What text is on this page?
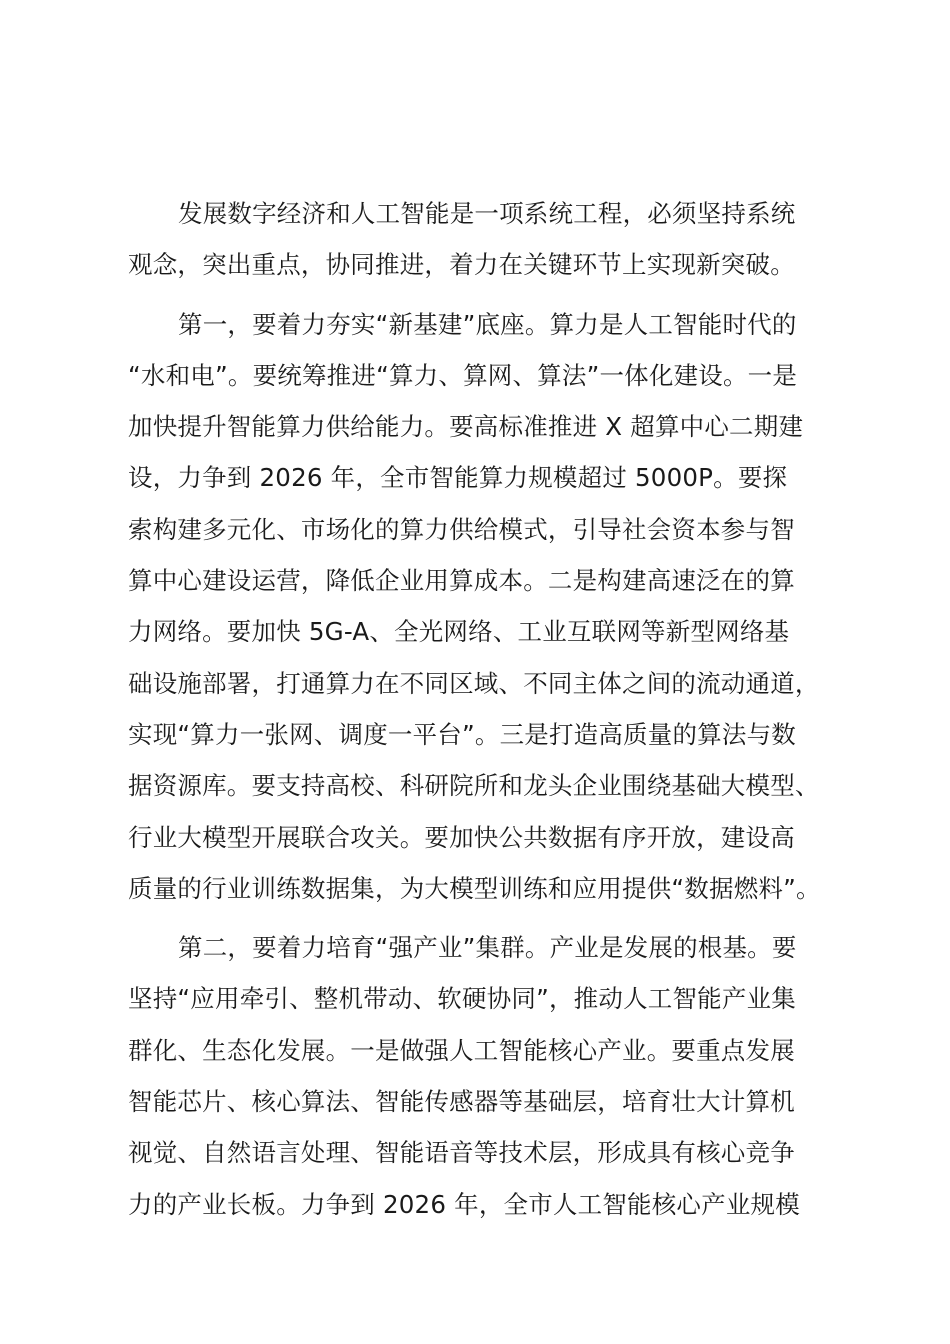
发展数字经济和人工智能是一项系统工程，必须坚持系统
观念，突出重点，协同推进，着力在关键环节上实现新突破。
第一，要着力夯实“新基建”底座。算力是人工智能时代的
“水和电”。要统筹推进“算力、算网、算法”一体化建设。一是
加快提升智能算力供给能力。要高标准推进 X 超算中心二期建
设，力争到 2026 年，全市智能算力规模超过 5000P。要探
索构建多元化、市场化的算力供给模式，引导社会资本参与智
算中心建设运营，降低企业用算成本。二是构建高速泛在的算
力网络。要加快 5G-A、全光网络、工业互联网等新型网络基
础设施部署，打通算力在不同区域、不同主体之间的流动通道，
实现“算力一张网、调度一平台”。三是打造高质量的算法与数
据资源库。要支持高校、科研院所和龙头企业围绕基础大模型、
行业大模型开展联合攻关。要加快公共数据有序开放，建设高
质量的行业训练数据集，为大模型训练和应用提供“数据燃料”。
第二，要着力培育“强产业”集群。产业是发展的根基。要
坚持“应用牵引、整机带动、软硬协同”，推动人工智能产业集
群化、生态化发展。一是做强人工智能核心产业。要重点发展
智能芯片、核心算法、智能传感器等基础层，培育壮大计算机
视觉、自然语言处理、智能语音等技术层，形成具有核心竞争
力的产业长板。力争到 2026 年，全市人工智能核心产业规模
